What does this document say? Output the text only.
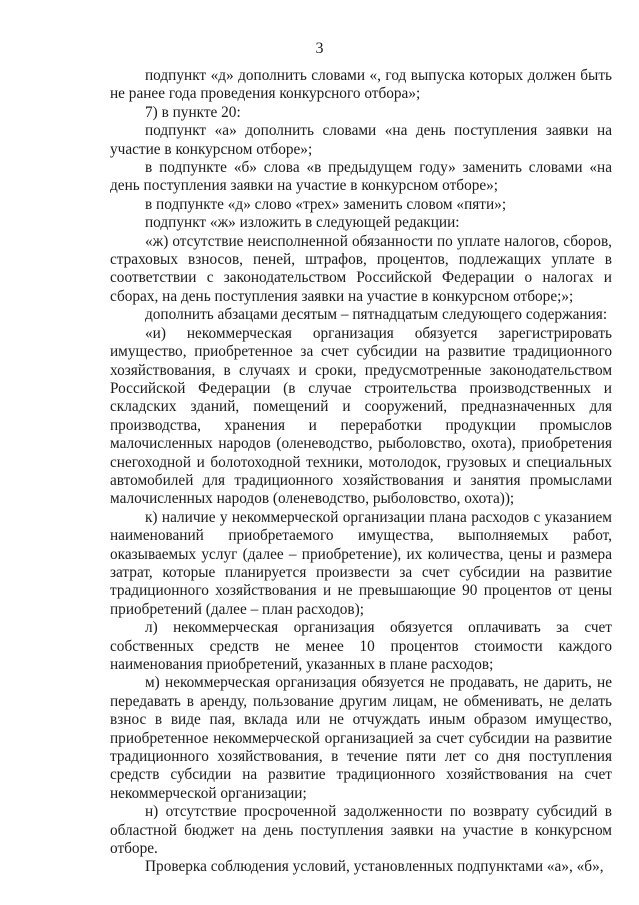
3

подпункт «д» дополнить словами «, год выпуска которых должен быть не ранее года проведения конкурсного отбора»;

7) в пункте 20:

подпункт «а» дополнить словами «на день поступления заявки на участие в конкурсном отборе»;

в подпункте «б» слова «в предыдущем году» заменить словами «на день поступления заявки на участие в конкурсном отборе»;

в подпункте «д» слово «трех» заменить словом «пяти»;

подпункт «ж» изложить в следующей редакции:

«ж) отсутствие неисполненной обязанности по уплате налогов, сборов, страховых взносов, пеней, штрафов, процентов, подлежащих уплате в соответствии с законодательством Российской Федерации о налогах и сборах, на день поступления заявки на участие в конкурсном отборе;»;

дополнить абзацами десятым – пятнадцатым следующего содержания:

«и) некоммерческая организация обязуется зарегистрировать имущество, приобретенное за счет субсидии на развитие традиционного хозяйствования, в случаях и сроки, предусмотренные законодательством Российской Федерации (в случае строительства производственных и складских зданий, помещений и сооружений, предназначенных для производства, хранения и переработки продукции промыслов малочисленных народов (оленеводство, рыболовство, охота), приобретения снегоходной и болотоходной техники, мотолодок, грузовых и специальных автомобилей для традиционного хозяйствования и занятия промыслами малочисленных народов (оленеводство, рыболовство, охота));

к) наличие у некоммерческой организации плана расходов с указанием наименований приобретаемого имущества, выполняемых работ, оказываемых услуг (далее – приобретение), их количества, цены и размера затрат, которые планируется произвести за счет субсидии на развитие традиционного хозяйствования и не превышающие 90 процентов от цены приобретений (далее – план расходов);

л) некоммерческая организация обязуется оплачивать за счет собственных средств не менее 10 процентов стоимости каждого наименования приобретений, указанных в плане расходов;

м) некоммерческая организация обязуется не продавать, не дарить, не передавать в аренду, пользование другим лицам, не обменивать, не делать взнос в виде пая, вклада или не отчуждать иным образом имущество, приобретенное некоммерческой организацией за счет субсидии на развитие традиционного хозяйствования, в течение пяти лет со дня поступления средств субсидии на развитие традиционного хозяйствования на счет некоммерческой организации;

н) отсутствие просроченной задолженности по возврату субсидий в областной бюджет на день поступления заявки на участие в конкурсном отборе.

Проверка соблюдения условий, установленных подпунктами «а», «б»,
